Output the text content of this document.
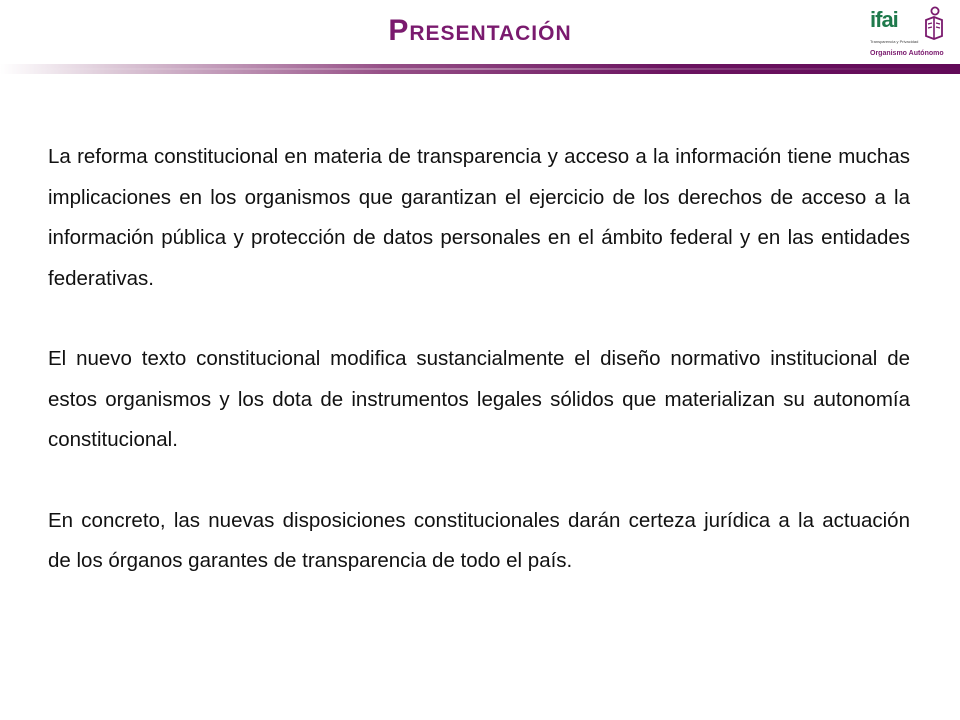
Presentación	ifai
Transparencia y Privacidad
Organismo Autónomo

La reforma constitucional en materia de transparencia y acceso a la información tiene muchas implicaciones en los organismos que garantizan el ejercicio de los derechos de acceso a la información pública y protección de datos personales en el ámbito federal y en las entidades federativas.

El nuevo texto constitucional modifica sustancialmente el diseño normativo institucional de estos organismos y los dota de instrumentos legales sólidos que materializan su autonomía constitucional.

En concreto, las nuevas disposiciones constitucionales darán certeza jurídica a la actuación de los órganos garantes de transparencia de todo el país.
